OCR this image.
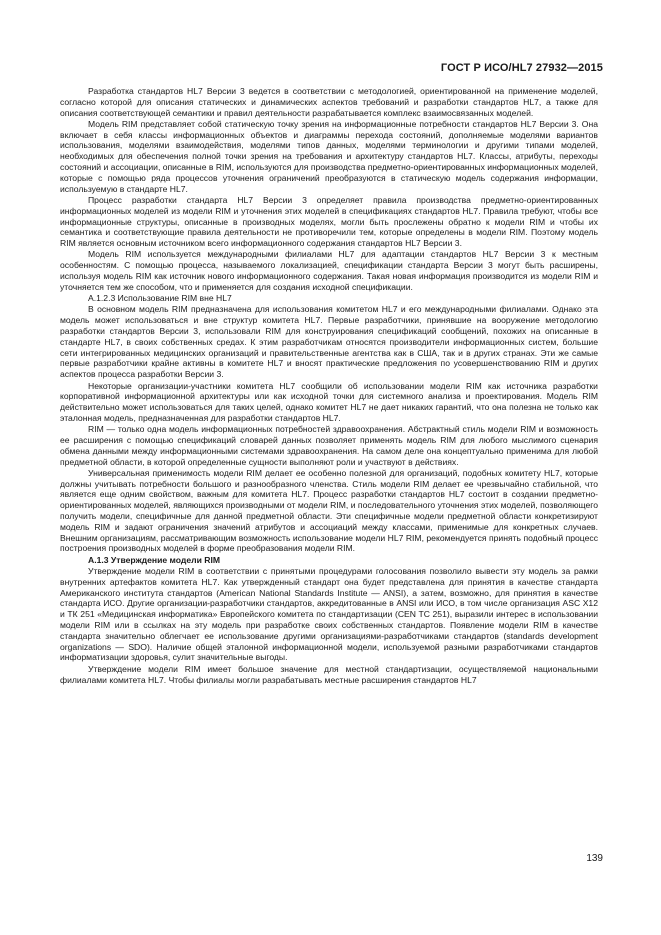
ГОСТ Р ИСО/HL7 27932—2015

Разработка стандартов HL7 Версии 3 ведется в соответствии с методологией, ориентированной на применение моделей, согласно которой для описания статических и динамических аспектов требований и разработки стандартов HL7, а также для описания соответствующей семантики и правил деятельности разрабатывается комплекс взаимосвязанных моделей.

Модель RIM представляет собой статическую точку зрения на информационные потребности стандартов HL7 Версии 3. Она включает в себя классы информационных объектов и диаграммы перехода состояний, дополняемые моделями вариантов использования, моделями взаимодействия, моделями типов данных, моделями терминологии и другими типами моделей, необходимых для обеспечения полной точки зрения на требования и архитектуру стандартов HL7. Классы, атрибуты, переходы состояний и ассоциации, описанные в RIM, используются для производства предметно-ориентированных информационных моделей, которые с помощью ряда процессов уточнения ограничений преобразуются в статическую модель содержания информации, используемую в стандарте HL7.

Процесс разработки стандарта HL7 Версии 3 определяет правила производства предметно-ориентированных информационных моделей из модели RIM и уточнения этих моделей в спецификациях стандартов HL7. Правила требуют, чтобы все информационные структуры, описанные в производных моделях, могли быть прослежены обратно к модели RIM и чтобы их семантика и соответствующие правила деятельности не противоречили тем, которые определены в модели RIM. Поэтому модель RIM является основным источником всего информационного содержания стандартов HL7 Версии 3.

Модель RIM используется международными филиалами HL7 для адаптации стандартов HL7 Версии 3 к местным особенностям. С помощью процесса, называемого локализацией, спецификации стандарта Версии 3 могут быть расширены, используя модель RIM как источник нового информационного содержания. Такая новая информация производится из модели RIM и уточняется тем же способом, что и применяется для создания исходной спецификации.

А.1.2.3 Использование RIM вне HL7

В основном модель RIM предназначена для использования комитетом HL7 и его международными филиалами. Однако эта модель может использоваться и вне структур комитета HL7. Первые разработчики, принявшие на вооружение методологию разработки стандартов Версии 3, использовали RIM для конструирования спецификаций сообщений, похожих на описанные в стандарте HL7, в своих собственных средах. К этим разработчикам относятся производители информационных систем, большие сети интегрированных медицинских организаций и правительственные агентства как в США, так и в других странах. Эти же самые первые разработчики крайне активны в комитете HL7 и вносят практические предложения по усовершенствованию RIM и других аспектов процесса разработки Версии 3.

Некоторые организации-участники комитета HL7 сообщили об использовании модели RIM как источника разработки корпоративной информационной архитектуры или как исходной точки для системного анализа и проектирования. Модель RIM действительно может использоваться для таких целей, однако комитет HL7 не дает никаких гарантий, что она полезна не только как эталонная модель, предназначенная для разработки стандартов HL7.

RIM — только одна модель информационных потребностей здравоохранения. Абстрактный стиль модели RIM и возможность ее расширения с помощью спецификаций словарей данных позволяет применять модель RIM для любого мыслимого сценария обмена данными между информационными системами здравоохранения. На самом деле она концептуально применима для любой предметной области, в которой определенные сущности выполняют роли и участвуют в действиях.

Универсальная применимость модели RIM делает ее особенно полезной для организаций, подобных комитету HL7, которые должны учитывать потребности большого и разнообразного членства. Стиль модели RIM делает ее чрезвычайно стабильной, что является еще одним свойством, важным для комитета HL7. Процесс разработки стандартов HL7 состоит в создании предметно-ориентированных моделей, являющихся производными от модели RIM, и последовательного уточнения этих моделей, позволяющего получить модели, специфичные для данной предметной области. Эти специфичные модели предметной области конкретизируют модель RIM и задают ограничения значений атрибутов и ассоциаций между классами, применимые для конкретных случаев. Внешним организациям, рассматривающим возможность использование модели HL7 RIM, рекомендуется принять подобный процесс построения производных моделей в форме преобразования модели RIM.

А.1.3 Утверждение модели RIM

Утверждение модели RIM в соответствии с принятыми процедурами голосования позволило вывести эту модель за рамки внутренних артефактов комитета HL7. Как утвержденный стандарт она будет представлена для принятия в качестве стандарта Американского института стандартов (American National Standards Institute — ANSI), а затем, возможно, для принятия в качестве стандарта ИСО. Другие организации-разработчики стандартов, аккредитованные в ANSI или ИСО, в том числе организация ASC X12 и ТК 251 «Медицинская информатика» Европейского комитета по стандартизации (CEN TC 251), выразили интерес в использовании модели RIM или в ссылках на эту модель при разработке своих собственных стандартов. Появление модели RIM в качестве стандарта значительно облегчает ее использование другими организациями-разработчиками стандартов (standards development organizations — SDO). Наличие общей эталонной информационной модели, используемой разными разработчиками стандартов информатизации здоровья, сулит значительные выгоды.

Утверждение модели RIM имеет большое значение для местной стандартизации, осуществляемой национальными филиалами комитета HL7. Чтобы филиалы могли разрабатывать местные расширения стандартов HL7

139
